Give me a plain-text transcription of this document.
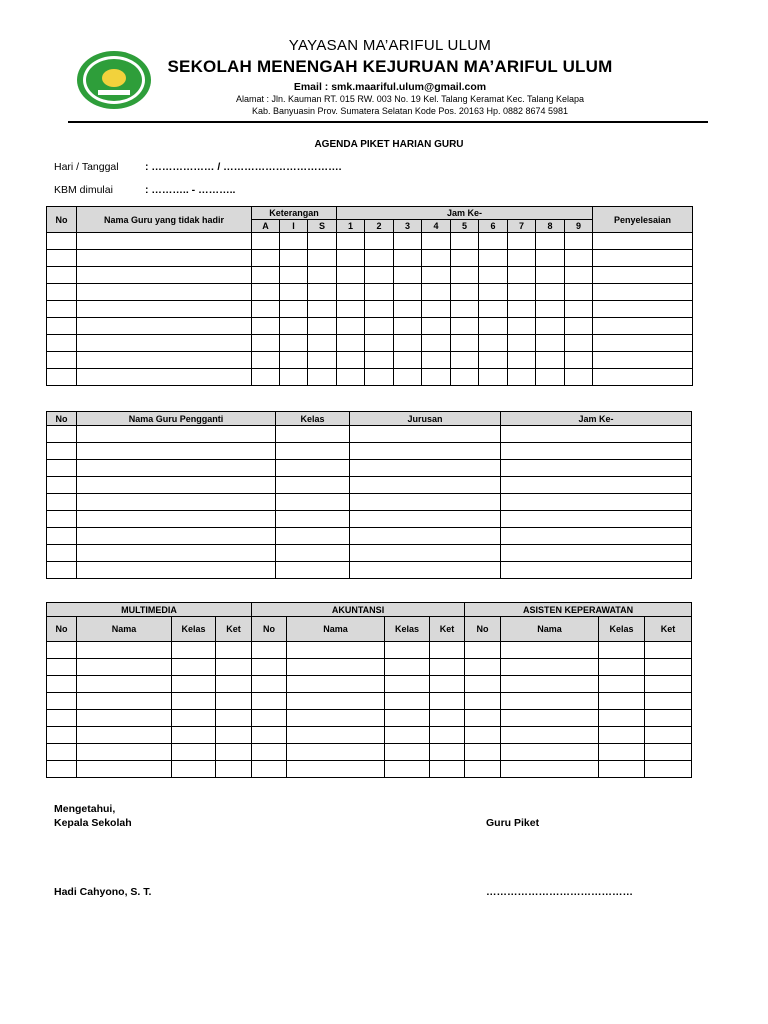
YAYASAN MA’ARIFUL ULUM
SEKOLAH MENENGAH KEJURUAN MA’ARIFUL ULUM
Email : smk.maariful.ulum@gmail.com
Alamat : Jln. Kauman RT. 015 RW. 003 No. 19 Kel. Talang Keramat Kec. Talang Kelapa
Kab. Banyuasin Prov. Sumatera Selatan Kode Pos. 20163 Hp. 0882 8674 5981
AGENDA PIKET HARIAN GURU
Hari / Tanggal	: ……………… / …………………………….
KBM dimulai	: ……….. - ………..
No	Nama Guru yang tidak hadir	Keterangan			Jam Ke-									Penyelesaian
		A	I	S	1	2	3	4	5	6	7	8	9	

No	Nama Guru Pengganti	Kelas	Jurusan	Jam Ke-

MULTIMEDIA				AKUNTANSI				ASISTEN KEPERAWATAN			
No	Nama	Kelas	Ket	No	Nama	Kelas	Ket	No	Nama	Kelas	Ket

Mengetahui,
Kepala Sekolah	Guru Piket
Hadi Cahyono, S. T.	……………………………………
